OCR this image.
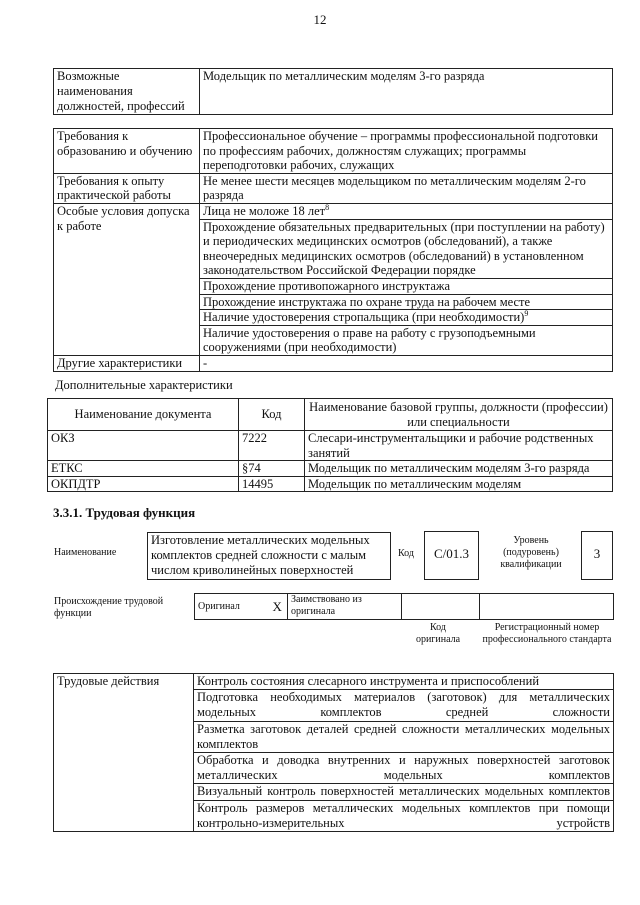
12
Возможные наименования должностей, профессий	Модельщик по металлическим моделям 3-го разряда
Требования к образованию и обучению	Профессиональное обучение – программы профессиональной подготовки по профессиям рабочих, должностям служащих; программы переподготовки рабочих, служащих
Требования к опыту практической работы	Не менее шести месяцев модельщиком по металлическим моделям 2-го разряда
Особые условия допуска к работе	Лица не моложе 18 лет$^8$
	Прохождение обязательных предварительных (при поступлении на работу) и периодических медицинских осмотров (обследований), а также внеочередных медицинских осмотров (обследований) в установленном законодательством Российской Федерации порядке
	Прохождение противопожарного инструктажа
	Прохождение инструктажа по охране труда на рабочем месте
	Наличие удостоверения стропальщика (при необходимости)$^9$
	Наличие удостоверения о праве на работу с грузоподъемными сооружениями (при необходимости)
Другие характеристики	-
Дополнительные характеристики
Наименование документа	Код	Наименование базовой группы, должности (профессии) или специальности
ОКЗ	7222	Слесари-инструментальщики и рабочие родственных занятий
ЕТКС	§74	Модельщик по металлическим моделям 3-го разряда
ОКПДТР	14495	Модельщик по металлическим моделям
3.3.1. Трудовая функция
Наименование
Изготовление металлических модельных комплектов средней сложности с малым числом криволинейных поверхностей
Код	С/01.3
Уровень (подуровень) квалификации
3
Происхождение трудовой функции
Оригинал	X	Заимствовано из оригинала		
Код оригинала
Регистрационный номер профессионального стандарта
Трудовые действия	Контроль состояния слесарного инструмента и приспособлений
Подготовка необходимых материалов (заготовок) для металлических модельных комплектов средней сложности
Разметка заготовок деталей средней сложности металлических модельных комплектов
Обработка и доводка внутренних и наружных поверхностей заготовок металлических модельных комплектов
Визуальный контроль поверхностей металлических модельных комплектов
Контроль размеров металлических модельных комплектов при помощи контрольно-измерительных устройств
